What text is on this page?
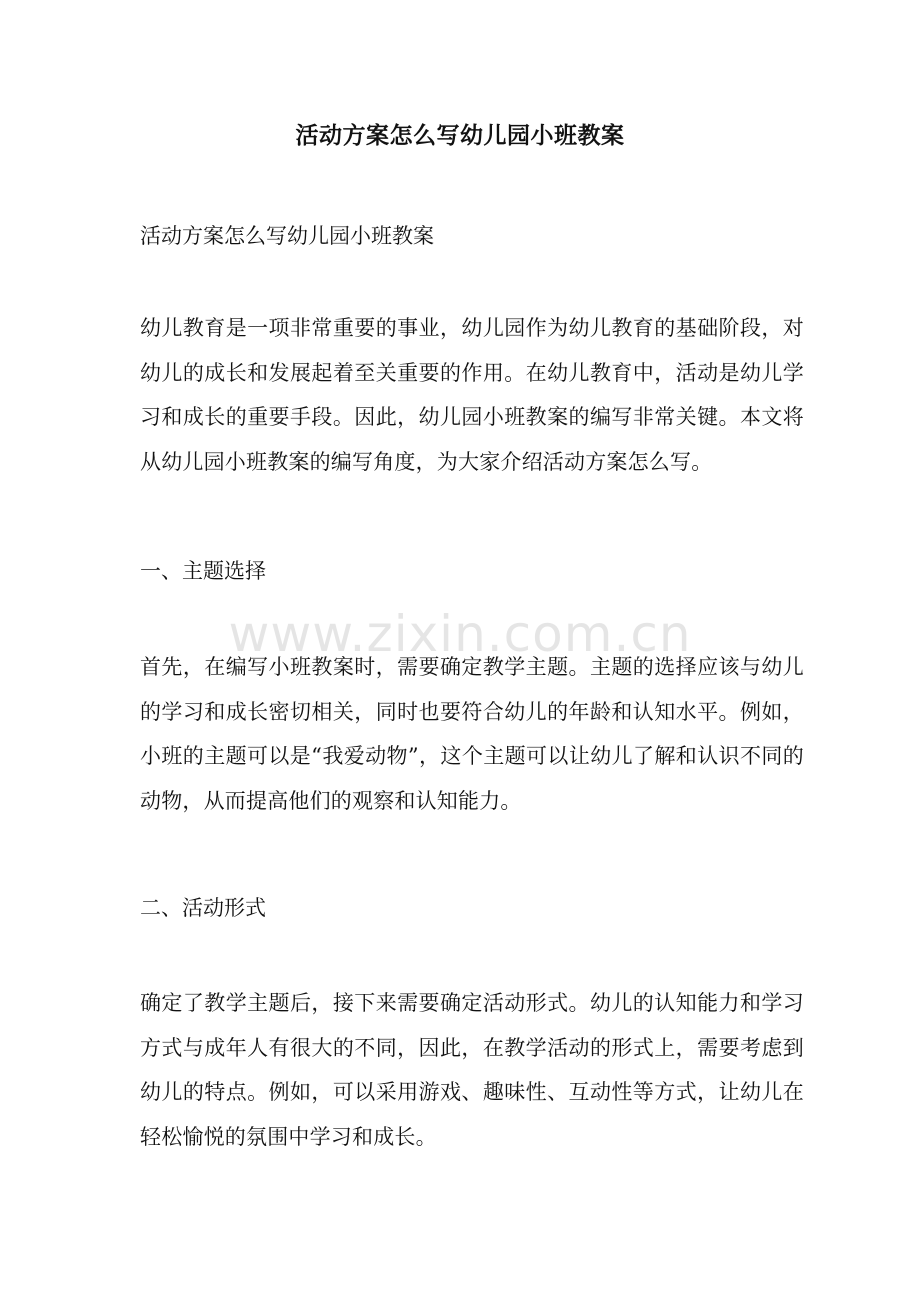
活动方案怎么写幼儿园小班教案
活动方案怎么写幼儿园小班教案
幼儿教育是一项非常重要的事业，幼儿园作为幼儿教育的基础阶段，对幼儿的成长和发展起着至关重要的作用。在幼儿教育中，活动是幼儿学习和成长的重要手段。因此，幼儿园小班教案的编写非常关键。本文将从幼儿园小班教案的编写角度，为大家介绍活动方案怎么写。
一、主题选择
首先，在编写小班教案时，需要确定教学主题。主题的选择应该与幼儿的学习和成长密切相关，同时也要符合幼儿的年龄和认知水平。例如，小班的主题可以是“我爱动物”，这个主题可以让幼儿了解和认识不同的动物，从而提高他们的观察和认知能力。
二、活动形式
确定了教学主题后，接下来需要确定活动形式。幼儿的认知能力和学习方式与成年人有很大的不同，因此，在教学活动的形式上，需要考虑到幼儿的特点。例如，可以采用游戏、趣味性、互动性等方式，让幼儿在轻松愉悦的氛围中学习和成长。
www.zixin.com.cn
